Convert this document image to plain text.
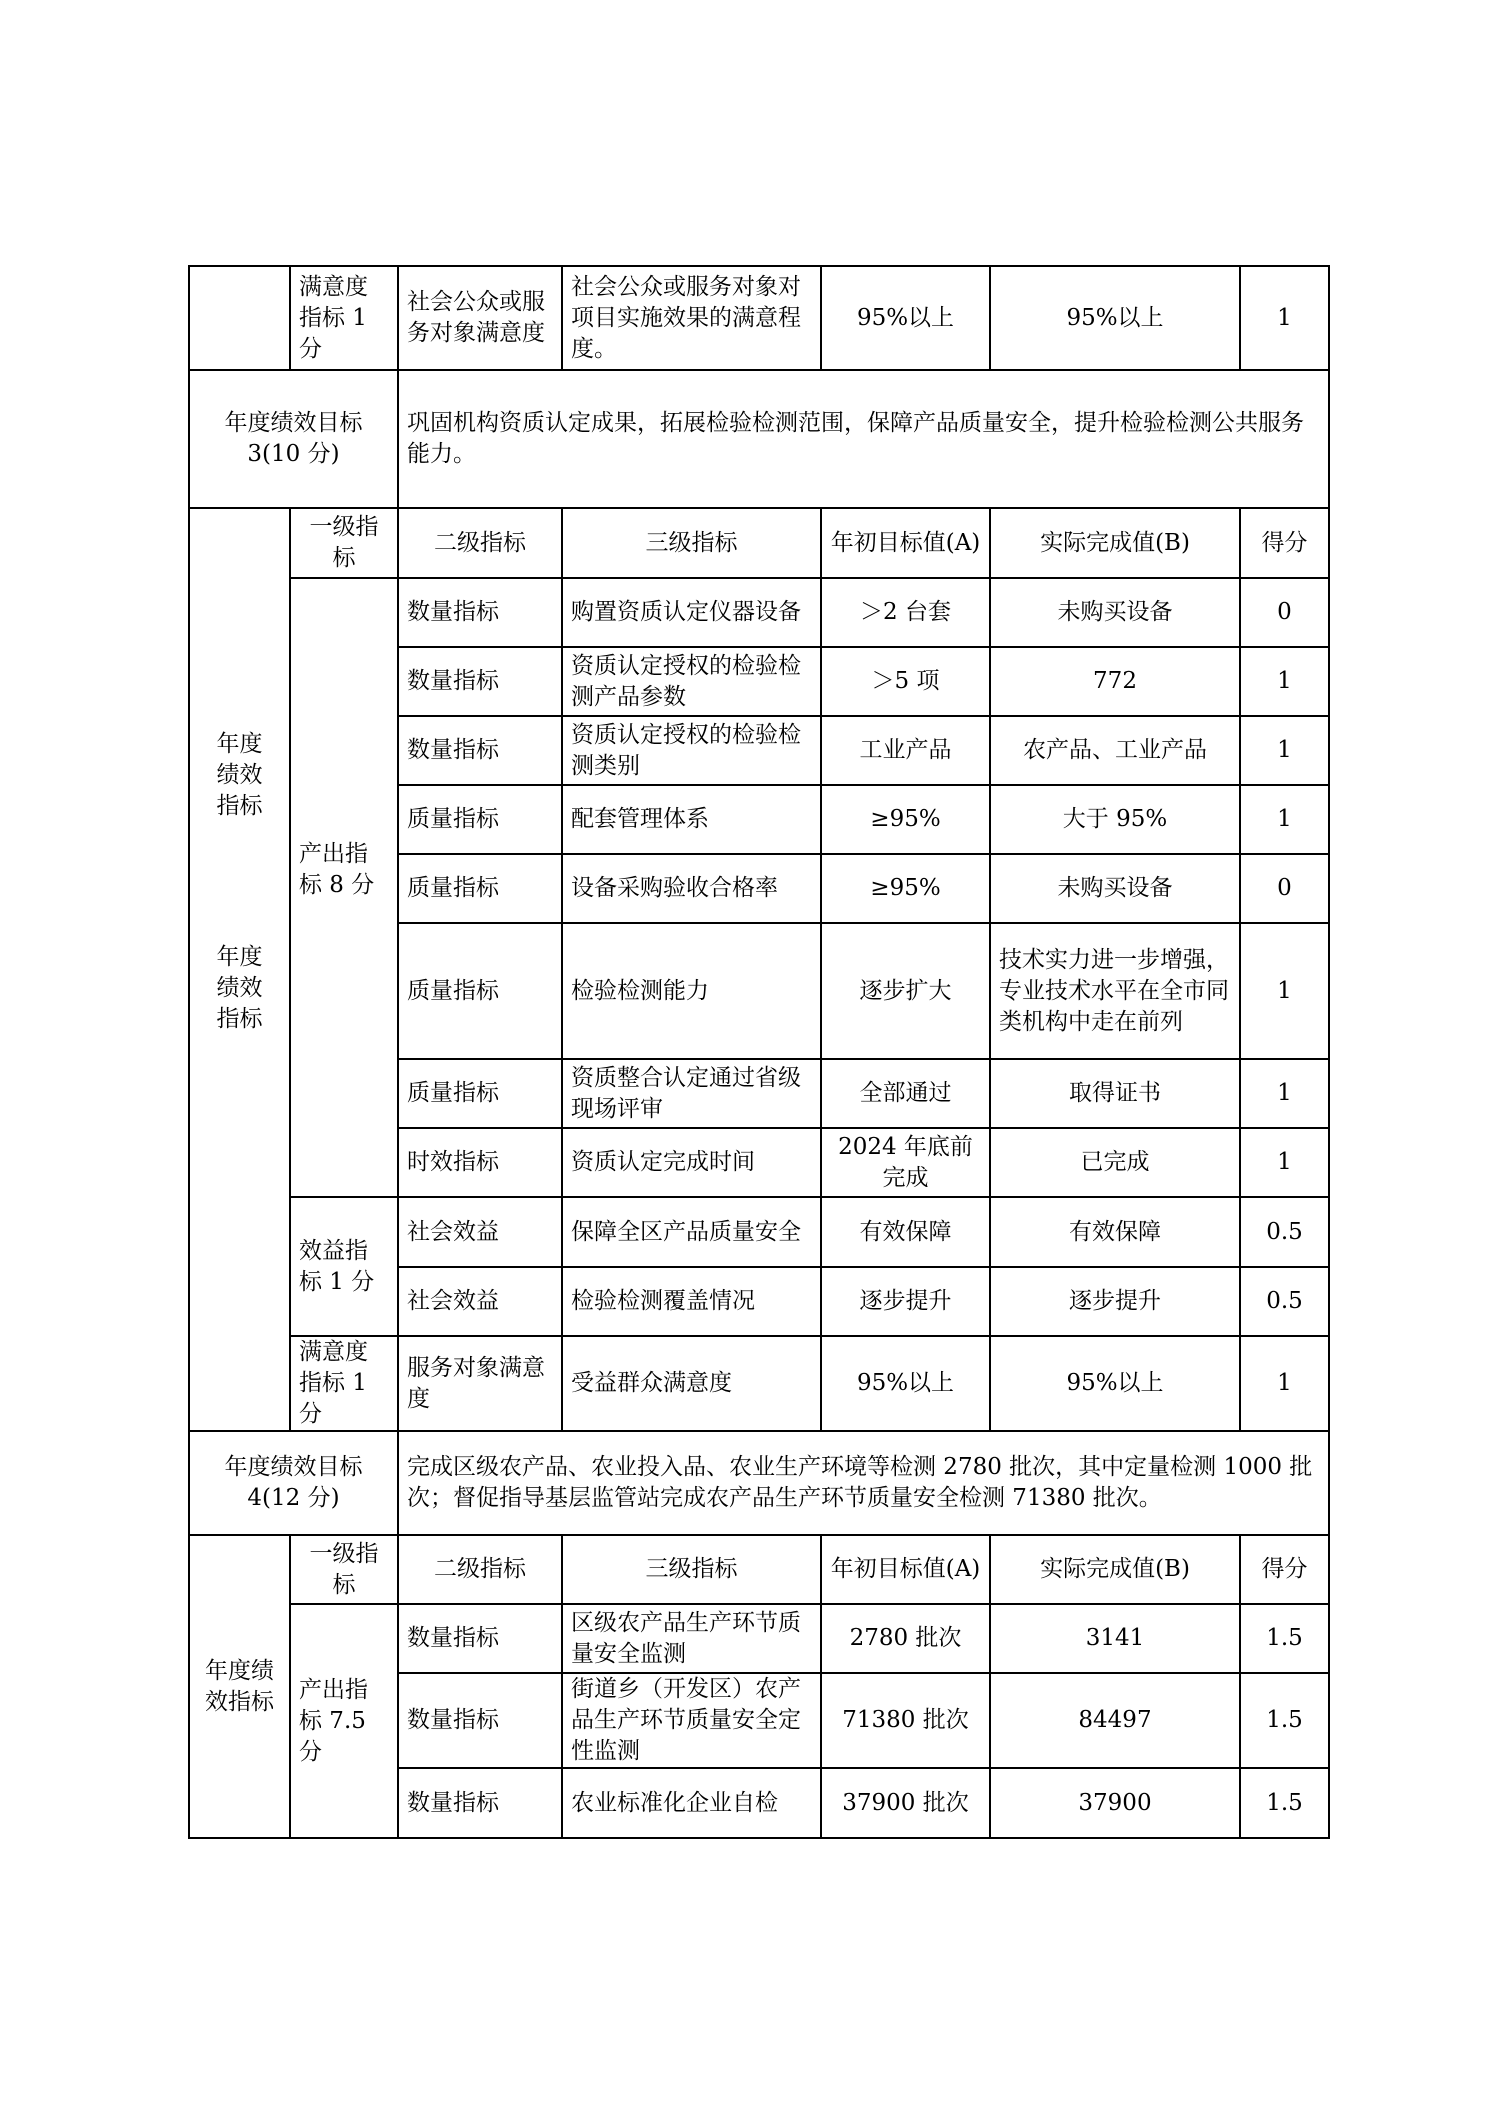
	满意度指标 1 分	社会公众或服务对象满意度	社会公众或服务对象对项目实施效果的满意程度。	95%以上	95%以上	1
年度绩效目标 3(10 分)		巩固机构资质认定成果，拓展检验检测范围，保障产品质量安全，提升检验检测公共服务能力。				

年度绩效指标
年度绩效指标	一级指标	二级指标	三级指标	年初目标值(A)	实际完成值(B)	得分
	产出指标 8 分	数量指标	购置资质认定仪器设备	＞2 台套	未购买设备	0
		数量指标	资质认定授权的检验检测产品参数	＞5 项	772	1
		数量指标	资质认定授权的检验检测类别	工业产品	农产品、工业产品	1
		质量指标	配套管理体系	≥95%	大于 95%	1
		质量指标	设备采购验收合格率	≥95%	未购买设备	0
		质量指标	检验检测能力	逐步扩大	技术实力进一步增强，专业技术水平在全市同类机构中走在前列	1
		质量指标	资质整合认定通过省级现场评审	全部通过	取得证书	1
		时效指标	资质认定完成时间	2024 年底前完成	已完成	1
	效益指标 1 分	社会效益	保障全区产品质量安全	有效保障	有效保障	0.5
		社会效益	检验检测覆盖情况	逐步提升	逐步提升	0.5
	满意度指标 1 分	服务对象满意度	受益群众满意度	95%以上	95%以上	1
年度绩效目标 4(12 分)		完成区级农产品、农业投入品、农业生产环境等检测 2780 批次，其中定量检测 1000 批次；督促指导基层监管站完成农产品生产环节质量安全检测 71380 批次。				
年度绩效指标	一级指标	二级指标	三级指标	年初目标值(A)	实际完成值(B)	得分
	产出指标 7.5 分	数量指标	区级农产品生产环节质量安全监测	2780 批次	3141	1.5
		数量指标	街道乡（开发区）农产品生产环节质量安全定性监测	71380 批次	84497	1.5
		数量指标	农业标准化企业自检	37900 批次	37900	1.5
